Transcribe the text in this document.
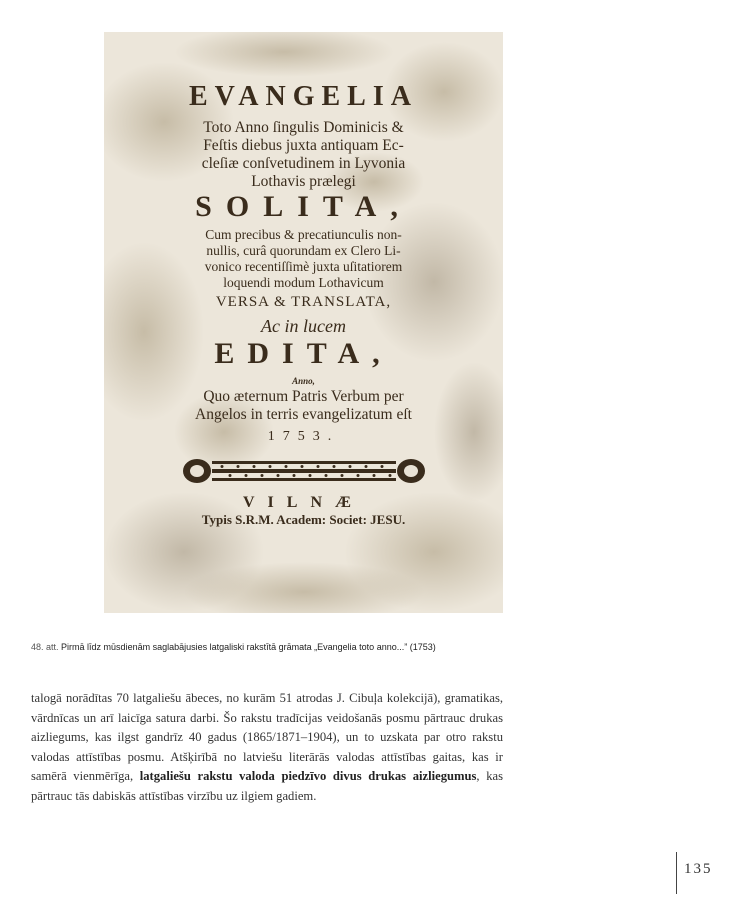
EVANGELIA
Toto Anno ſingulis Dominicis &
Feſtis diebus juxta antiquam Ec-
cleſiæ conſvetudinem in Lyvonia
Lothavis prælegi
SOLITA,
Cum precibus & precatiunculis non-
nullis, curâ quorundam ex Clero Li-
vonico recentiſſimè juxta uſitatiorem
loquendi modum Lothavicum
VERSA & TRANSLATA,
Ac in lucem
EDITA,
Anno,
Quo æternum Patris Verbum per
Angelos in terris evangelizatum eſt
1753.
VILNÆ
Typis S.R.M. Academ: Societ: JESU.
48. att. Pirmā līdz mūsdienām saglabājusies latgaliski rakstītā grāmata „Evangelia toto anno...” (1753)

talogā norādītas 70 latgaliešu ābeces, no kurām 51 atrodas J. Cibuļa kolekcijā), gramatikas, vārdnīcas un arī laicīga satura darbi. Šo rakstu tradīcijas veidošanās posmu pārtrauc drukas aizliegums, kas ilgst gandrīz 40 gadus (1865/1871–1904), un to uzskata par otro rakstu valodas attīstības posmu. Atšķirībā no latviešu literārās valodas attīstības gaitas, kas ir samērā vienmērīga, latgaliešu rakstu valoda piedzīvo divus drukas aizliegumus, kas pārtrauc tās dabiskās attīstības virzību uz ilgiem gadiem.

135
